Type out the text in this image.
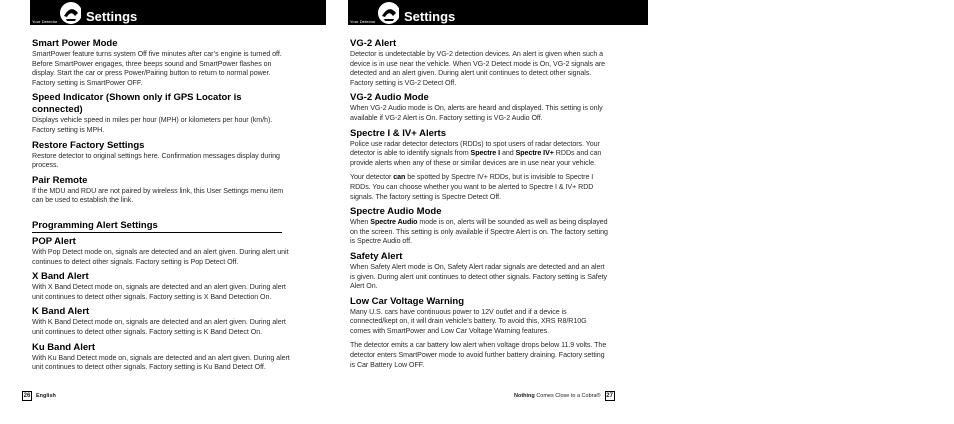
Your Detector Settings	Your Detector Settings
Smart Power Mode
SmartPower feature turns system Off five minutes after car’s engine is turned off. Before SmartPower engages, three beeps sound and SmartPower flashes on display. Start the car or press Power/Pairing button to return to normal power. Factory setting is SmartPower OFF.
Speed Indicator (Shown only if GPS Locator is connected)
Displays vehicle speed in miles per hour (MPH) or kilometers per hour (km/h). Factory setting is MPH.
Restore Factory Settings
Restore detector to original settings here. Confirmation messages display during process.
Pair Remote
If the MDU and RDU are not paired by wireless link, this User Settings menu item can be used to establish the link.
Programming Alert Settings
POP Alert
With Pop Detect mode on, signals are detected and an alert given. During alert unit continues to detect other signals. Factory setting is Pop Detect Off.
X Band Alert
With X Band Detect mode on, signals are detected and an alert given. During alert unit continues to detect other signals. Factory setting is X Band Detection On.
K Band Alert
With K Band Detect mode on, signals are detected and an alert given. During alert unit continues to detect other signals. Factory setting is K Band Detect On.
Ku Band Alert
With Ku Band Detect mode on, signals are detected and an alert given. During alert unit continues to detect other signals. Factory setting is Ku Band Detect Off.
VG-2 Alert
Detector is undetectable by VG-2 detection devices. An alert is given when such a device is in use near the vehicle. When VG-2 Detect mode is On, VG-2 signals are detected and an alert given. During alert unit continues to detect other signals. Factory setting is VG-2 Detect Off.
VG-2 Audio Mode
When VG-2 Audio mode is On, alerts are heard and displayed. This setting is only available if VG-2 Alert is On. Factory setting is VG-2 Audio Off.
Spectre I & IV+ Alerts
Police use radar detector detectors (RDDs) to spot users of radar detectors. Your detector is able to identify signals from Spectre I and Spectre IV+ RDDs and can provide alerts when any of these or similar devices are in use near your vehicle.
Your detector can be spotted by Spectre IV+ RDDs, but is invisible to Spectre I RDDs. You can choose whether you want to be alerted to Spectre I & IV+ RDD signals. The factory setting is Spectre Detect Off.
Spectre Audio Mode
When Spectre Audio mode is on, alerts will be sounded as well as being displayed on the screen. This setting is only available if Spectre Alert is on. The factory setting is Spectre Audio off.
Safety Alert
When Safety Alert mode is On, Safety Alert radar signals are detected and an alert is given. During alert unit continues to detect other signals. Factory setting is Safety Alert On.
Low Car Voltage Warning
Many U.S. cars have continuous power to 12V outlet and if a device is connected/kept on, it will drain vehicle’s battery. To avoid this, XRS R8/R10G comes with SmartPower and Low Car Voltage Warning features.
The detector emits a car battery low alert when voltage drops below 11.9 volts. The detector enters SmartPower mode to avoid further battery draining. Factory setting is Car Battery Low OFF.
26	English	Nothing Comes Close to a Cobra® 27
